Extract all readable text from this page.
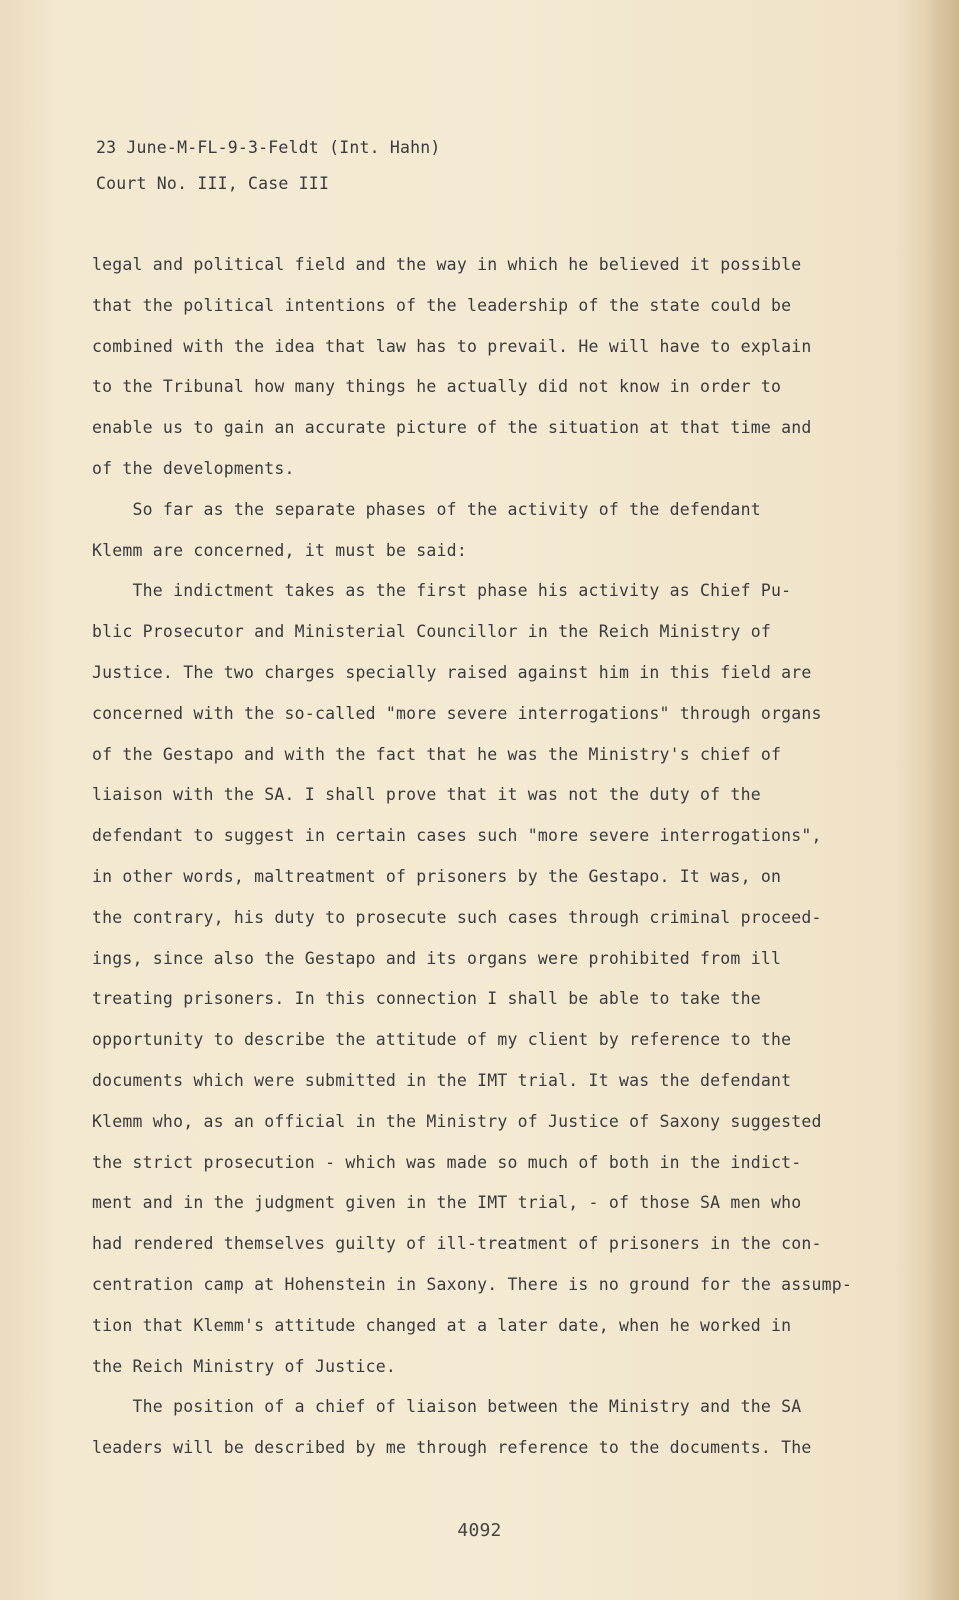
23 June-M-FL-9-3-Feldt (Int. Hahn)
Court No. III, Case III
legal and political field and the way in which he believed it possible
that the political intentions of the leadership of the state could be
combined with the idea that law has to prevail. He will have to explain
to the Tribunal how many things he actually did not know in order to
enable us to gain an accurate picture of the situation at that time and
of the developments.
So far as the separate phases of the activity of the defendant
Klemm are concerned, it must be said:
The indictment takes as the first phase his activity as Chief Pu-
blic Prosecutor and Ministerial Councillor in the Reich Ministry of
Justice. The two charges specially raised against him in this field are
concerned with the so-called "more severe interrogations" through organs
of the Gestapo and with the fact that he was the Ministry's chief of
liaison with the SA. I shall prove that it was not the duty of the
defendant to suggest in certain cases such "more severe interrogations",
in other words, maltreatment of prisoners by the Gestapo. It was, on
the contrary, his duty to prosecute such cases through criminal proceed-
ings, since also the Gestapo and its organs were prohibited from ill
treating prisoners. In this connection I shall be able to take the
opportunity to describe the attitude of my client by reference to the
documents which were submitted in the IMT trial. It was the defendant
Klemm who, as an official in the Ministry of Justice of Saxony suggested
the strict prosecution - which was made so much of both in the indict-
ment and in the judgment given in the IMT trial, - of those SA men who
had rendered themselves guilty of ill-treatment of prisoners in the con-
centration camp at Hohenstein in Saxony. There is no ground for the assump-
tion that Klemm's attitude changed at a later date, when he worked in
the Reich Ministry of Justice.
The position of a chief of liaison between the Ministry and the SA
leaders will be described by me through reference to the documents. The
4092
